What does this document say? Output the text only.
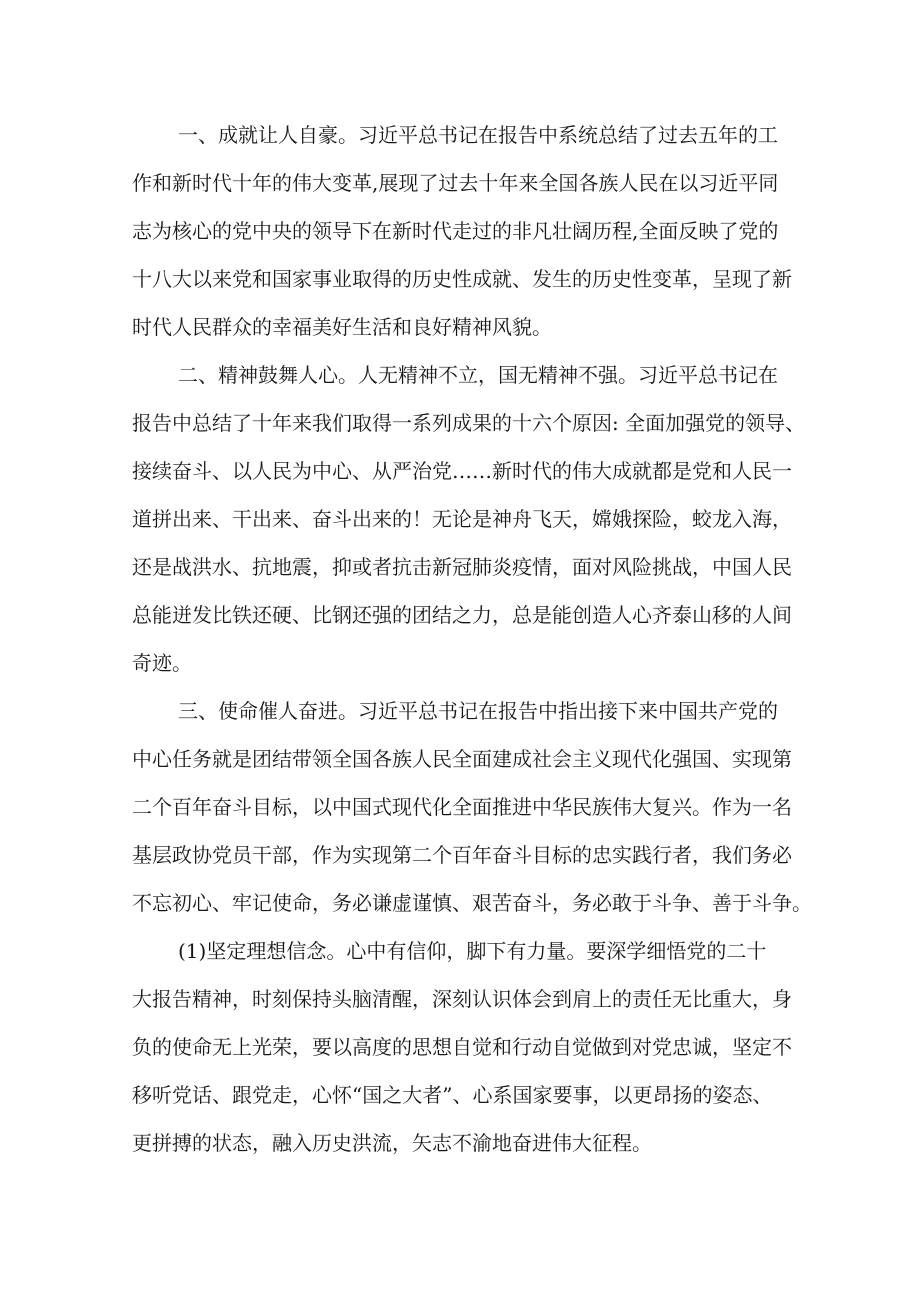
一、成就让人自豪。习近平总书记在报告中系统总结了过去五年的工
作和新时代十年的伟大变革,展现了过去十年来全国各族人民在以习近平同
志为核心的党中央的领导下在新时代走过的非凡壮阔历程,全面反映了党的
十八大以来党和国家事业取得的历史性成就、发生的历史性变革，呈现了新
时代人民群众的幸福美好生活和良好精神风貌。
二、精神鼓舞人心。人无精神不立，国无精神不强。习近平总书记在
报告中总结了十年来我们取得一系列成果的十六个原因: 全面加强党的领导、
接续奋斗、以人民为中心、从严治党……新时代的伟大成就都是党和人民一
道拼出来、干出来、奋斗出来的！无论是神舟飞天，嫦娥探险，蛟龙入海，
还是战洪水、抗地震，抑或者抗击新冠肺炎疫情，面对风险挑战，中国人民
总能迸发比铁还硬、比钢还强的团结之力，总是能创造人心齐泰山移的人间
奇迹。
三、使命催人奋进。习近平总书记在报告中指出接下来中国共产党的
中心任务就是团结带领全国各族人民全面建成社会主义现代化强国、实现第
二个百年奋斗目标，以中国式现代化全面推进中华民族伟大复兴。作为一名
基层政协党员干部，作为实现第二个百年奋斗目标的忠实践行者，我们务必
不忘初心、牢记使命，务必谦虚谨慎、艰苦奋斗，务必敢于斗争、善于斗争。
(1)坚定理想信念。心中有信仰，脚下有力量。要深学细悟党的二十
大报告精神，时刻保持头脑清醒，深刻认识体会到肩上的责任无比重大，身
负的使命无上光荣，要以高度的思想自觉和行动自觉做到对党忠诚，坚定不
移听党话、跟党走，心怀“国之大者”、心系国家要事，以更昂扬的姿态、
更拼搏的状态，融入历史洪流，矢志不渝地奋进伟大征程。
